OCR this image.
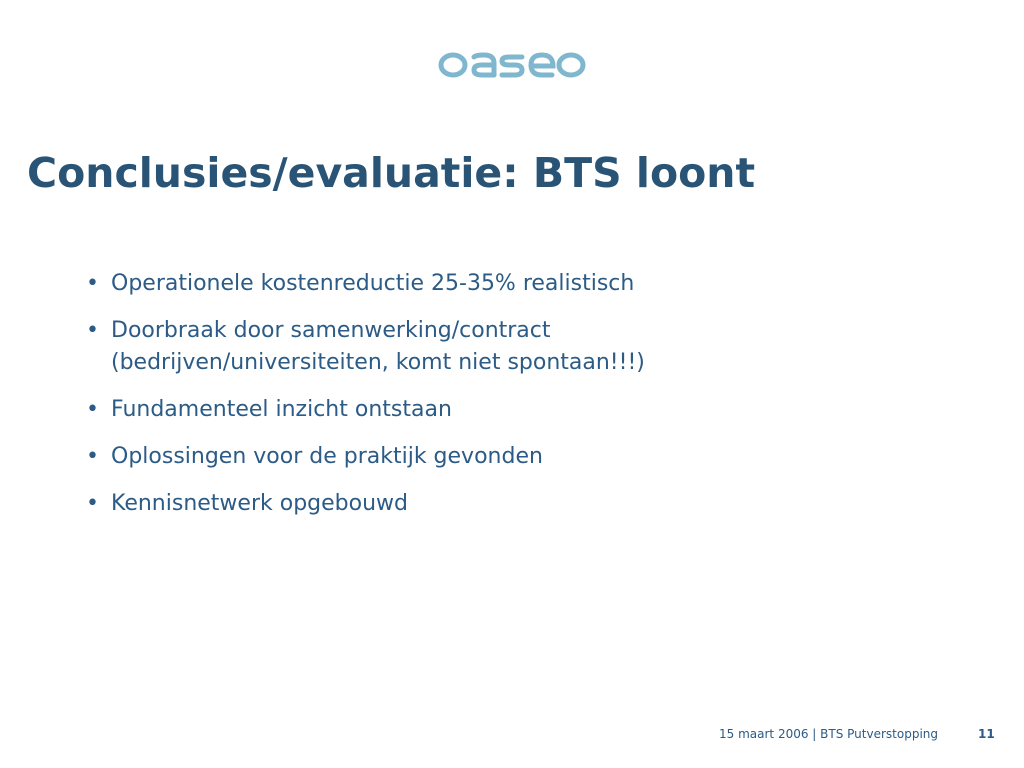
Conclusies/evaluatie: BTS loont
• Operationele kostenreductie 25-35% realistisch
• Doorbraak door samenwerking/contract (bedrijven/universiteiten, komt niet spontaan!!!)
• Fundamenteel inzicht ontstaan
• Oplossingen voor de praktijk gevonden
• Kennisnetwerk opgebouwd
15 maart 2006 | BTS Putverstopping	11
